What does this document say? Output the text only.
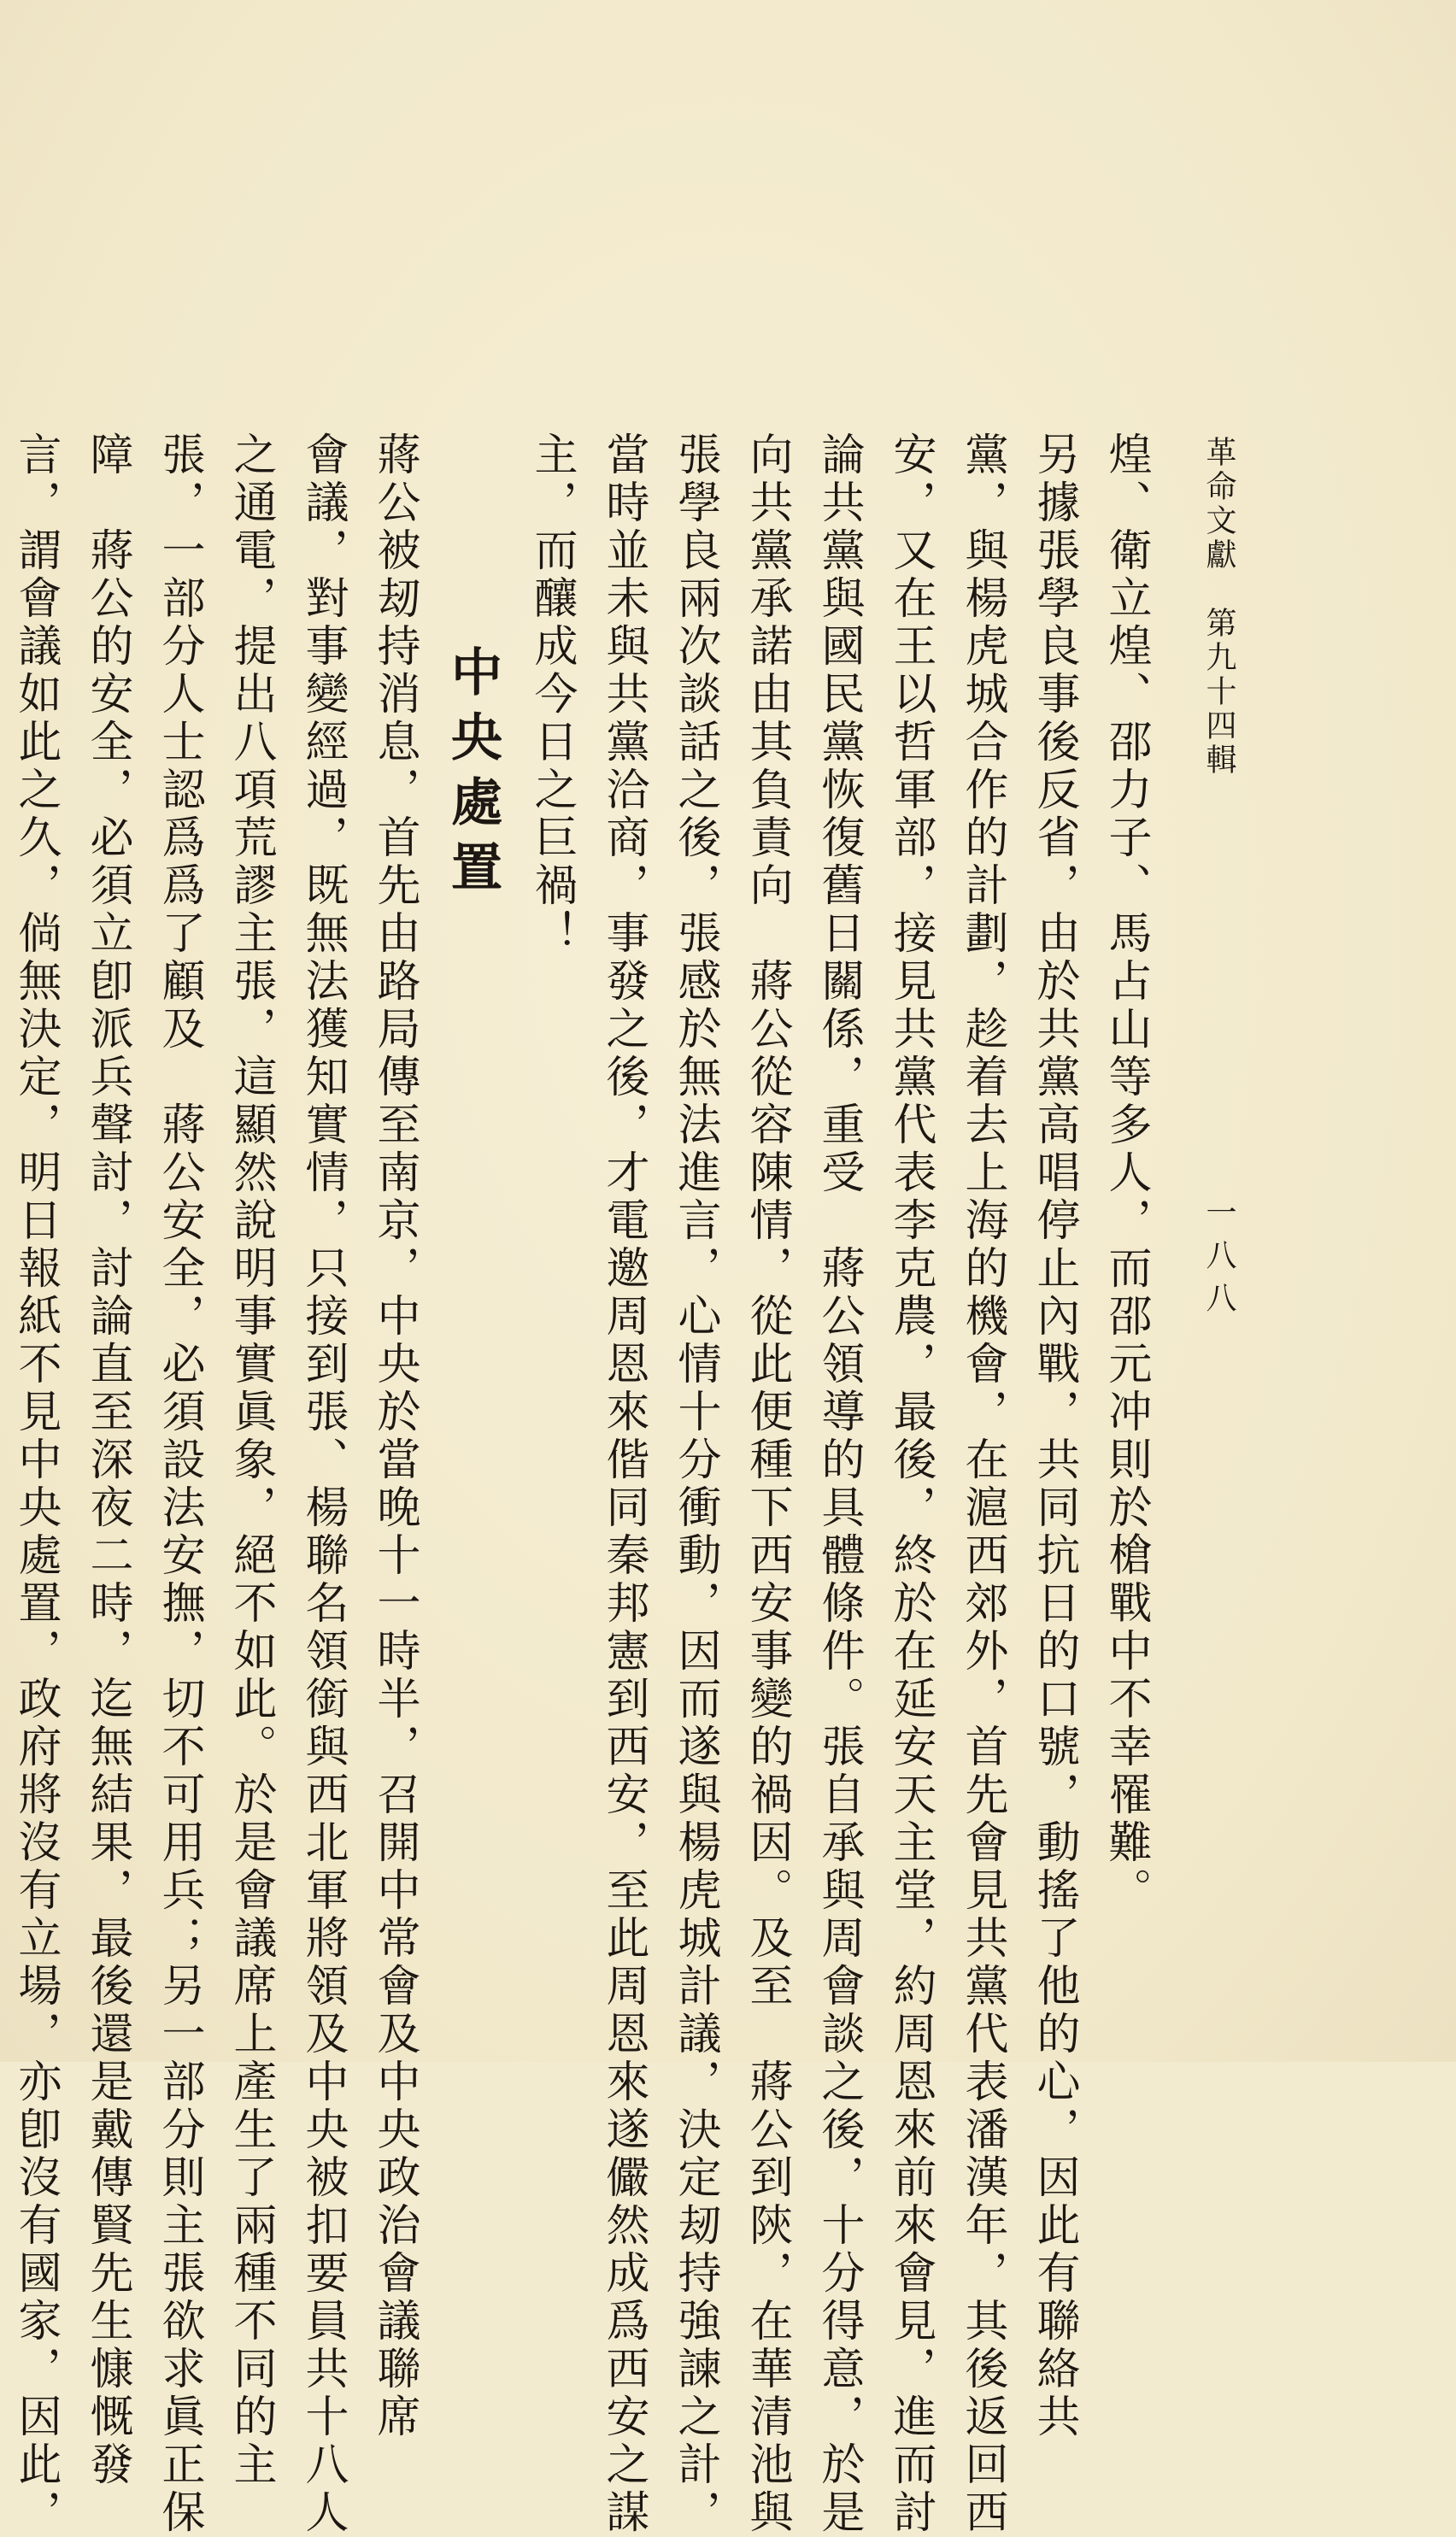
革命文獻　第九十四輯
一八八
煌、衛立煌、邵力子、馬占山等多人，而邵元冲則於槍戰中不幸罹難。
另據張學良事後反省，由於共黨高唱停止內戰，共同抗日的口號，動搖了他的心，因此有聯絡共
黨，與楊虎城合作的計劃，趁着去上海的機會，在滬西郊外，首先會見共黨代表潘漢年，其後返回西
安，又在王以哲軍部，接見共黨代表李克農，最後，終於在延安天主堂，約周恩來前來會見，進而討
論共黨與國民黨恢復舊日關係，重受　蔣公領導的具體條件。張自承與周會談之後，十分得意，於是
向共黨承諾由其負責向　蔣公從容陳情，從此便種下西安事變的禍因。及至　蔣公到陝，在華清池與
張學良兩次談話之後，張感於無法進言，心情十分衝動，因而遂與楊虎城計議，決定刼持強諫之計，
當時並未與共黨洽商，事發之後，才電邀周恩來偕同秦邦憲到西安，至此周恩來遂儼然成爲西安之謀
主，而釀成今日之巨禍！
中央處置
蔣公被刼持消息，首先由路局傳至南京，中央於當晚十一時半，召開中常會及中央政治會議聯席
會議，對事變經過，既無法獲知實情，只接到張、楊聯名領銜與西北軍將領及中央被扣要員共十八人
之通電，提出八項荒謬主張，這顯然說明事實眞象，絕不如此。於是會議席上產生了兩種不同的主
張，一部分人士認爲爲了顧及　蔣公安全，必須設法安撫，切不可用兵；另一部分則主張欲求眞正保
障　蔣公的安全，必須立卽派兵聲討，討論直至深夜二時，迄無結果，最後還是戴傳賢先生慷慨發
言，謂會議如此之久，倘無決定，明日報紙不見中央處置，政府將沒有立場，亦卽沒有國家，因此，
